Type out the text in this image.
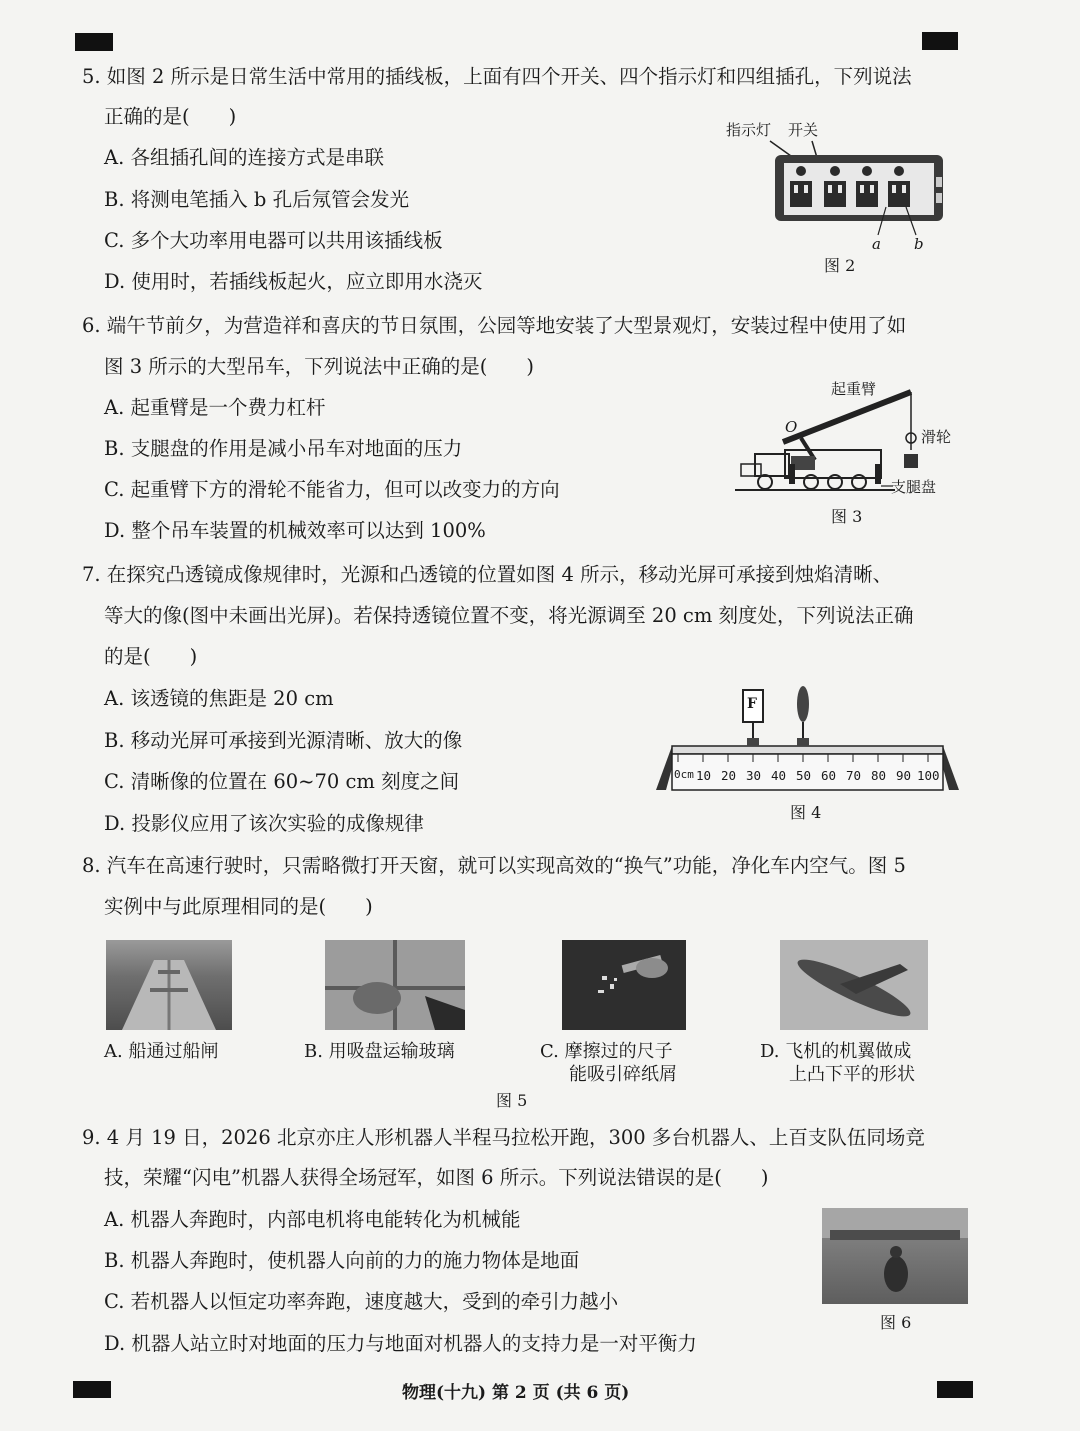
5. 如图 2 所示是日常生活中常用的插线板，上面有四个开关、四个指示灯和四组插孔，下列说法
正确的是(　　)
A. 各组插孔间的连接方式是串联
B. 将测电笔插入 b 孔后氖管会发光
C. 多个大功率用电器可以共用该插线板
D. 使用时，若插线板起火，应立即用水浇灭
指示灯 开关
a b
图 2
6. 端午节前夕，为营造祥和喜庆的节日氛围，公园等地安装了大型景观灯，安装过程中使用了如
图 3 所示的大型吊车，下列说法中正确的是(　　)
A. 起重臂是一个费力杠杆
B. 支腿盘的作用是减小吊车对地面的压力
C. 起重臂下方的滑轮不能省力，但可以改变力的方向
D. 整个吊车装置的机械效率可以达到 100%
起重臂
O
滑轮
支腿盘
图 3
7. 在探究凸透镜成像规律时，光源和凸透镜的位置如图 4 所示，移动光屏可承接到烛焰清晰、
等大的像(图中未画出光屏)。若保持透镜位置不变，将光源调至 20 cm 刻度处，下列说法正确
的是(　　)
A. 该透镜的焦距是 20 cm
B. 移动光屏可承接到光源清晰、放大的像
C. 清晰像的位置在 60~70 cm 刻度之间
D. 投影仪应用了该次实验的成像规律
F
0cm 10 20 30 40 50 60 70 80 90 100
图 4
8. 汽车在高速行驶时，只需略微打开天窗，就可以实现高效的“换气”功能，净化车内空气。图 5
实例中与此原理相同的是(　　)
A. 船通过船闸	B. 用吸盘运输玻璃	C. 摩擦过的尺子
能吸引碎纸屑
D. 飞机的机翼做成
上凸下平的形状
图 5
9. 4 月 19 日，2026 北京亦庄人形机器人半程马拉松开跑，300 多台机器人、上百支队伍同场竞
技，荣耀“闪电”机器人获得全场冠军，如图 6 所示。下列说法错误的是(　　)
A. 机器人奔跑时，内部电机将电能转化为机械能
B. 机器人奔跑时，使机器人向前的力的施力物体是地面
C. 若机器人以恒定功率奔跑，速度越大，受到的牵引力越小
D. 机器人站立时对地面的压力与地面对机器人的支持力是一对平衡力
图 6
物理(十九) 第 2 页 (共 6 页)
